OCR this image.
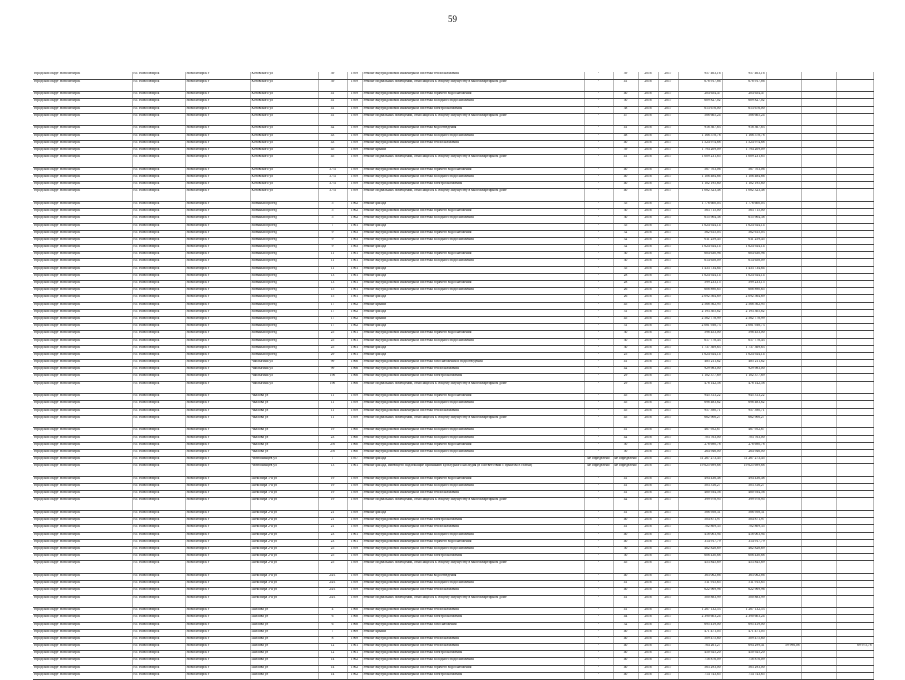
59
городской округ Новосибирск	г.о. Новосибирск	Новосибирск г	Котовского ул	39	1959	Ремонт внутридомовой инженерной системы теплоснабжения	-	39	2016	2017	957 463,16	957 463,16			
городской округ Новосибирск	г.о. Новосибирск	Новосибирск г	Котовского ул	39	1959	Ремонт подвальных помещений, относящихся к общему имуществу в многоквартирном доме	-	41	2016	2017	678 917,86	678 917,86			
городской округ Новосибирск	г.о. Новосибирск	Новосибирск г	Котовского ул	41	1959	Ремонт внутридомовой инженерной системы горячего водоснабжения	-	40	2016	2017	204 654,47	204 654,47			
городской округ Новосибирск	г.о. Новосибирск	Новосибирск г	Котовского ул	41	1959	Ремонт внутридомовой инженерной системы холодного водоснабжения	-	50	2016	2017	609 827,02	609 827,02			
городской округ Новосибирск	г.о. Новосибирск	Новосибирск г	Котовского ул	41	1959	Ремонт внутридомовой инженерной системы электроснабжения	-	38	2016	2017	613 676,00	613 676,00			
городской округ Новосибирск	г.о. Новосибирск	Новосибирск г	Котовского ул	41	1959	Ремонт подвальных помещений, относящихся к общему имуществу в многоквартирном доме	-	47	2016	2017	586 665,24	586 665,24			
городской округ Новосибирск	г.о. Новосибирск	Новосибирск г	Котовского ул	42	1959	Ремонт внутридомовой инженерной системы водоотведения	-	41	2016	2017	918 367,83	918 367,83			
городской округ Новосибирск	г.о. Новосибирск	Новосибирск г	Котовского ул	43	1959	Ремонт внутридомовой инженерной системы холодного водоснабжения	-	48	2016	2017	1 166 578,78	1 166 578,78			
городской округ Новосибирск	г.о. Новосибирск	Новосибирск г	Котовского ул	43	1959	Ремонт внутридомовой инженерной системы теплоснабжения	-	40	2016	2017	1 524 974,68	1 524 974,68			
городской округ Новосибирск	г.о. Новосибирск	Новосибирск г	Котовского ул	45	1959	Ремонт крыши	-	39	2016	2017	1 794 209,09	1 794 209,09			
городской округ Новосибирск	г.о. Новосибирск	Новосибирск г	Котовского ул	45	1959	Ремонт подвальных помещений, относящихся к общему имуществу в многоквартирном доме	-	41	2016	2017	1 009 231,85	1 009 231,85			
городской округ Новосибирск	г.о. Новосибирск	Новосибирск г	Котовского ул	37/4	1959	Ремонт внутридомовой инженерной системы горячего водоснабжения	-	40	2016	2017	567 703,06	567 703,06			
городской округ Новосибирск	г.о. Новосибирск	Новосибирск г	Котовского ул	37/4	1959	Ремонт внутридомовой инженерной системы холодного водоснабжения	-	40	2016	2017	1 106 484,66	1 106 484,66			
городской округ Новосибирск	г.о. Новосибирск	Новосибирск г	Котовского ул	37/4	1959	Ремонт внутридомовой инженерной системы электроснабжения	-	40	2016	2017	1 102 195,60	1 102 195,60			
городской округ Новосибирск	г.о. Новосибирск	Новосибирск г	Котовского ул	37/4	1959	Ремонт подвальных помещений, относящихся к общему имуществу в многоквартирном доме	-	40	2016	2017	1 082 323,48	1 082 323,48			
городской округ Новосибирск	г.о. Новосибирск	Новосибирск г	Военный проезд	5	1962	Ремонт фасада	-	35	2016	2017	1 776 600,03	1 776 600,03			
городской округ Новосибирск	г.о. Новосибирск	Новосибирск г	Военный проезд	5	1962	Ремонт внутридомовой инженерной системы горячего водоснабжения	-	30	2016	2017	563 715,00	563 715,00			
городской округ Новосибирск	г.о. Новосибирск	Новосибирск г	Военный проезд	5	1962	Ремонт внутридомовой инженерной системы холодного водоснабжения	-	30	2016	2017	615 904,38	615 904,38			
городской округ Новосибирск	г.о. Новосибирск	Новосибирск г	Военный проезд	7	1961	Ремонт фасада	-	35	2016	2017	1 624 924,14	1 624 924,14			
городской округ Новосибирск	г.о. Новосибирск	Новосибирск г	Военный проезд	9	1963	Ремонт внутридомовой инженерной системы горячего водоснабжения	-	32	2016	2017	562 615,03	562 615,03			
городской округ Новосибирск	г.о. Новосибирск	Новосибирск г	Военный проезд	9	1963	Ремонт внутридомовой инженерной системы холодного водоснабжения	-	32	2016	2017	611 259,45	611 259,45			
городской округ Новосибирск	г.о. Новосибирск	Новосибирск г	Военный проезд	9	1963	Ремонт фасада	-	32	2016	2017	1 624 924,14	1 624 924,14			
городской округ Новосибирск	г.о. Новосибирск	Новосибирск г	Военный проезд	11	1961	Ремонт внутридомовой инженерной системы горячего водоснабжения	-	30	2016	2017	604 630,96	604 630,96			
городской округ Новосибирск	г.о. Новосибирск	Новосибирск г	Военный проезд	11	1961	Ремонт внутридомовой инженерной системы холодного водоснабжения	-	30	2016	2017	614 658,09	614 658,09			
городской округ Новосибирск	г.о. Новосибирск	Новосибирск г	Военный проезд	11	1961	Ремонт фасада	-	35	2016	2017	1 433 734,84	1 433 734,84			
городской округ Новосибирск	г.о. Новосибирск	Новосибирск г	Военный проезд	13	1961	Ремонт фасада	-	28	2016	2017	1 624 924,14	1 624 924,14			
городской округ Новосибирск	г.о. Новосибирск	Новосибирск г	Военный проезд	13	1961	Ремонт внутридомовой инженерной системы горячего водоснабжения	-	28	2016	2017	599 233,15	599 233,15			
городской округ Новосибирск	г.о. Новосибирск	Новосибирск г	Военный проезд	15	1961	Ремонт внутридомовой инженерной системы холодного водоснабжения	-	26	2016	2017	608 890,65	608 890,65			
городской округ Новосибирск	г.о. Новосибирск	Новосибирск г	Военный проезд	15	1961	Ремонт фасада	-	26	2016	2017	2 092 564,69	2 092 564,69			
городской округ Новосибирск	г.о. Новосибирск	Новосибирск г	Военный проезд	17	1962	Ремонт крыши	-	45	2016	2017	2 568 562,95	2 568 562,95			
городской округ Новосибирск	г.о. Новосибирск	Новосибирск г	Военный проезд	17	1962	Ремонт фасада	-	31	2016	2017	2 193 305,82	2 193 305,82			
городской округ Новосибирск	г.о. Новосибирск	Новосибирск г	Военный проезд	17	1962	Ремонт крыши	-	45	2016	2017	2 562 778,99	2 562 778,99			
городской округ Новосибирск	г.о. Новосибирск	Новосибирск г	Военный проезд	17	1962	Ремонт фасада	-	31	2016	2017	2 081 938,73	2 081 938,73			
городской округ Новосибирск	г.о. Новосибирск	Новосибирск г	Военный проезд	25	1961	Ремонт внутридомовой инженерной системы горячего водоснабжения	-	30	2016	2017	598 453,00	598 453,00			
городской округ Новосибирск	г.о. Новосибирск	Новосибирск г	Военный проезд	25	1961	Ремонт внутридомовой инженерной системы холодного водоснабжения	-	30	2016	2017	617 778,43	617 778,43			
городской округ Новосибирск	г.о. Новосибирск	Новосибирск г	Военный проезд	25	1961	Ремонт фасада	-	30	2016	2017	1 737 369,63	1 737 369,63			
городской округ Новосибирск	г.о. Новосибирск	Новосибирск г	Военный проезд	29	1961	Ремонт фасада	-	25	2016	2017	1 624 924,14	1 624 924,14			
городской округ Новосибирск	г.о. Новосибирск	Новосибирск г	Чаплыгина ул	99	1966	Ремонт внутридомовой инженерной системы газоснабжения и водоотведения	-	41	2016	2017	485 211,62	485 211,62			
городской округ Новосибирск	г.о. Новосибирск	Новосибирск г	Чаплыгина ул	99	1966	Ремонт внутридомовой инженерной системы теплоснабжения	-	42	2016	2017	929 983,00	929 983,00			
городской округ Новосибирск	г.о. Новосибирск	Новосибирск г	Чаплыгина ул	190	1966	Ремонт внутридомовой инженерной системы электроснабжения	-	29	2016	2017	1 102 377,69	1 102 377,69			
городской округ Новосибирск	г.о. Новосибирск	Новосибирск г	Чаплыгина ул	190	1966	Ремонт подвальных помещений, относящихся к общему имуществу в многоквартирном доме	-	29	2016	2017	478 142,58	478 142,58			
городской округ Новосибирск	г.о. Новосибирск	Новосибирск г	Чкалова ул	11	1959	Ремонт внутридомовой инженерной системы горячего водоснабжения	-	45	2016	2017	945 313,22	945 313,22			
городской округ Новосибирск	г.о. Новосибирск	Новосибирск г	Чкалова ул	11	1959	Ремонт внутридомовой инженерной системы холодного водоснабжения	-	45	2016	2017	698 483,62	698 483,62			
городской округ Новосибирск	г.о. Новосибирск	Новосибирск г	Чкалова ул	11	1959	Ремонт внутридомовой инженерной системы теплоснабжения	-	45	2016	2017	957 390,71	957 390,71			
городской округ Новосибирск	г.о. Новосибирск	Новосибирск г	Чкалова ул	11	1959	Ремонт подвальных помещений, относящихся к общему имуществу в многоквартирном доме	-	45	2016	2017	662 906,27	662 906,27			
городской округ Новосибирск	г.о. Новосибирск	Новосибирск г	Чкалова ул	19	1960	Ремонт внутридомовой инженерной системы холодного водоснабжения	-	41	2016	2017	467 952,67	467 952,67			
городской округ Новосибирск	г.о. Новосибирск	Новосибирск г	Чкалова ул	23	1960	Ремонт внутридомовой инженерной системы холодного водоснабжения	-	42	2016	2017	703 763,00	703 763,00			
городской округ Новосибирск	г.о. Новосибирск	Новосибирск г	Чкалова ул	2/6	1960	Ремонт внутридомовой инженерной системы горячего водоснабжения	-	50	2016	2017	278 690,78	278 690,78			
городской округ Новосибирск	г.о. Новосибирск	Новосибирск г	Чкалова ул	2/6	1960	Ремонт внутридомовой инженерной системы холодного водоснабжения	-	50	2016	2017	264 946,00	264 946,00			
городской округ Новосибирск	г.о. Новосибирск	Новосибирск г	Челюскинцев ул	7	1957	Ремонт фасада	не определено	не определено	2016	2017	11 267 273,45	11 267 273,45			
городской округ Новосибирск	г.о. Новосибирск	Новосибирск г	Челюскинцев ул	13	1961	Ремонт фасада, имеющего подлежащие признанию культурного наследия (в соответствии с пунктом 8 статьи)	не определено	не определено	2016	2017	19 625 699,68	19 625 699,68			
городской округ Новосибирск	г.о. Новосибирск	Новосибирск г	Шекспира 1-я ул	19	1959	Ремонт внутридомовой инженерной системы горячего водоснабжения	-	41	2016	2017	494 436,48	494 436,48			
городской округ Новосибирск	г.о. Новосибирск	Новосибирск г	Шекспира 1-я ул	19	1959	Ремонт внутридомовой инженерной системы холодного водоснабжения	-	41	2016	2017	503 316,27	503 316,27			
городской округ Новосибирск	г.о. Новосибирск	Новосибирск г	Шекспира 1-я ул	19	1959	Ремонт внутридомовой инженерной системы теплоснабжения	-	41	2016	2017	480 934,56	480 934,56			
городской округ Новосибирск	г.о. Новосибирск	Новосибирск г	Шекспира 1-я ул	19	1959	Ремонт подвальных помещений, относящихся к общему имуществу в многоквартирном доме	-	42	2016	2017	399 978,95	399 978,95			
городской округ Новосибирск	г.о. Новосибирск	Новосибирск г	Шекспира 2-я ул	21	1959	Ремонт фасада	-	41	2016	2017	586 958,31	586 958,31			
городской округ Новосибирск	г.о. Новосибирск	Новосибирск г	Шекспира 2-я ул	21	1959	Ремонт внутридомовой инженерной системы электроснабжения	-	40	2016	2017	504 871,97	504 871,97			
городской округ Новосибирск	г.о. Новосибирск	Новосибирск г	Шекспира 2-я ул	21	1959	Ремонт внутридомовой инженерной системы теплоснабжения	-	41	2016	2017	702 809,35	702 809,35			
городской округ Новосибирск	г.о. Новосибирск	Новосибирск г	Шекспира 2-я ул	23	1961	Ремонт внутридомовой инженерной системы холодного водоснабжения	-	40	2016	2017	418 003,94	418 003,94			
городской округ Новосибирск	г.о. Новосибирск	Новосибирск г	Шекспира 2-я ул	23	1961	Ремонт внутридомовой инженерной системы горячего водоснабжения	-	40	2016	2017	314 917,79	314 917,79			
городской округ Новосибирск	г.о. Новосибирск	Новосибирск г	Шекспира 2-я ул	25	1959	Ремонт внутридомовой инженерной системы холодного водоснабжения	-	50	2016	2017	462 828,69	462 828,69			
городской округ Новосибирск	г.о. Новосибирск	Новосибирск г	Шекспира 2-я ул	25	1959	Ремонт внутридомовой инженерной системы электроснабжения	-	50	2016	2017	606 430,68	606 430,68			
городской округ Новосибирск	г.о. Новосибирск	Новосибирск г	Шекспира 2-я ул	25	1959	Ремонт подвальных помещений, относящихся к общему имуществу в многоквартирном доме	-	45	2016	2017	453 845,69	453 845,69			
городской округ Новосибирск	г.о. Новосибирск	Новосибирск г	Шекспира 3-я ул	24/1	1959	Ремонт внутридомовой инженерной системы водоотведения	-	40	2016	2017	363 062,86	363 062,86			
городской округ Новосибирск	г.о. Новосибирск	Новосибирск г	Шекспира 3-я ул	24/1	1959	Ремонт внутридомовой инженерной системы холодного водоснабжения	-	41	2016	2017	511 915,65	511 915,65			
городской округ Новосибирск	г.о. Новосибирск	Новосибирск г	Шекспира 3-я ул	24/1	1959	Ремонт внутридомовой инженерной системы теплоснабжения	-	40	2016	2017	622 969,96	622 969,96			
городской округ Новосибирск	г.о. Новосибирск	Новосибирск г	Шекспира 3-я ул	24/1	1959	Ремонт подвальных помещений, относящихся к общему имуществу в многоквартирном доме	-	41	2016	2017	500 883,99	500 883,99			
городской округ Новосибирск	г.о. Новосибирск	Новосибирск г	Шилова ул	4	1968	Ремонт внутридомовой инженерной системы теплоснабжения	-	41	2016	2017	1 267 132,53	1 267 132,53			
городской округ Новосибирск	г.о. Новосибирск	Новосибирск г	Шилова ул	6	1968	Ремонт внутридомовой инженерной системы электроснабжения	-	44	2016	2017	2 390 603,24	2 390 603,24			
городской округ Новосибирск	г.о. Новосибирск	Новосибирск г	Шилова ул	6	1968	Ремонт внутридомовой инженерной системы газоснабжения	-	32	2016	2017	695 419,00	695 419,00			
городской округ Новосибирск	г.о. Новосибирск	Новосибирск г	Шилова ул	7	1969	Ремонт крыши	-	40	2016	2017	471 471,05	471 471,05			
городской округ Новосибирск	г.о. Новосибирск	Новосибирск г	Шилова ул	8	1969	Ремонт внутридомовой инженерной системы теплоснабжения	-	40	2016	2017	509 475,60	509 475,60			
городской округ Новосибирск	г.о. Новосибирск	Новосибирск г	Шилова ул	12	1961	Ремонт внутридомовой инженерной системы теплоснабжения	-	40	2016	2017	764 261,27	694 299,41	59 996,08		69 975,78
городской округ Новосибирск	г.о. Новосибирск	Новосибирск г	Шилова ул	12	1961	Ремонт внутридомовой инженерной системы электроснабжения	-	40	2016	2017	450 925,20	450 925,20			
городской округ Новосибирск	г.о. Новосибирск	Новосибирск г	Шилова ул	14	1962	Ремонт внутридомовой инженерной системы холодного водоснабжения	-	40	2016	2017	718 876,09	718 876,09			
городской округ Новосибирск	г.о. Новосибирск	Новосибирск г	Шилова ул	14	1962	Ремонт внутридомовой инженерной системы горячего водоснабжения	-	40	2016	2017	563 293,00	563 293,00			
городской округ Новосибирск	г.о. Новосибирск	Новосибирск г	Шилова ул	14	1962	Ремонт внутридомовой инженерной системы электроснабжения	-	40	2016	2017	714 743,65	714 743,65			
